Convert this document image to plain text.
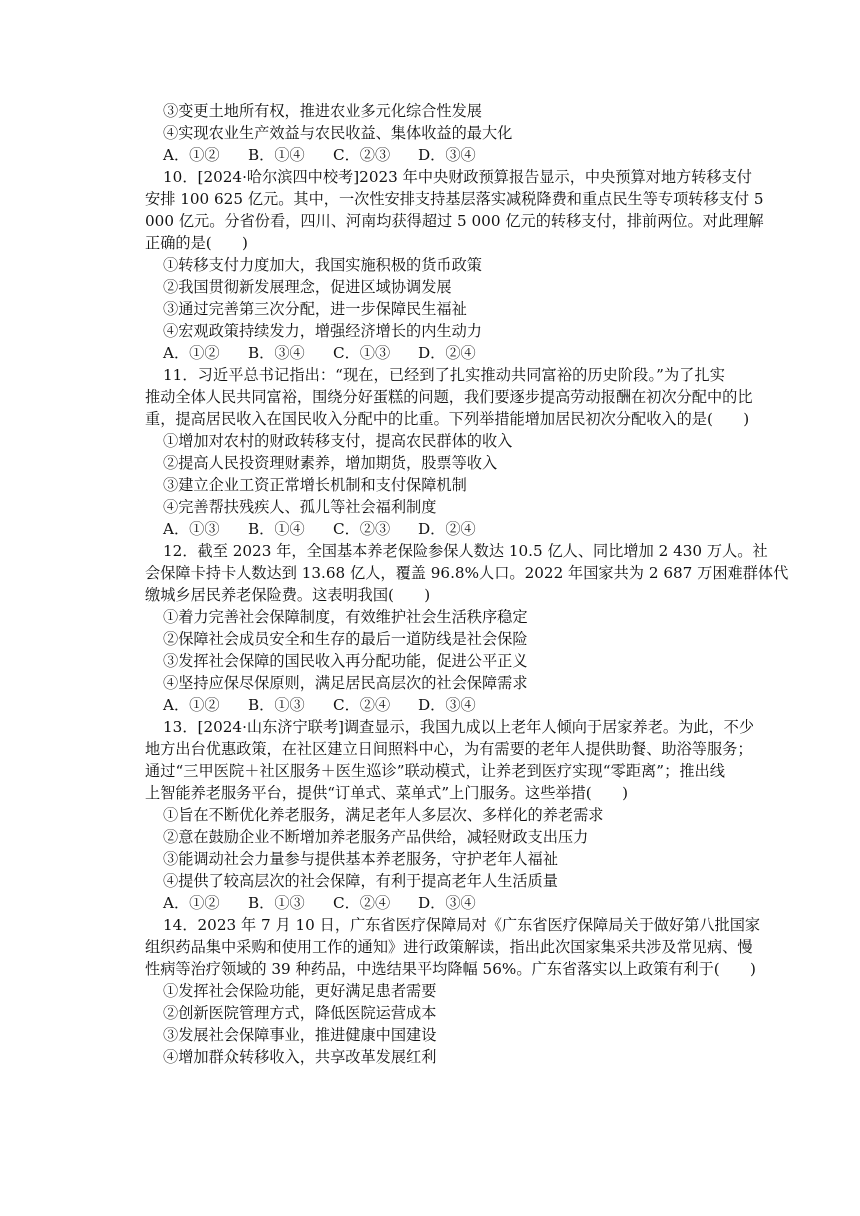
③变更土地所有权，推进农业多元化综合性发展
④实现农业生产效益与农民收益、集体收益的最大化
A．①② B．①④ C．②③ D．③④
10．[2024·哈尔滨四中校考]2023 年中央财政预算报告显示，中央预算对地方转移支付
安排 100 625 亿元。其中，一次性安排支持基层落实减税降费和重点民生等专项转移支付 5
000 亿元。分省份看，四川、河南均获得超过 5 000 亿元的转移支付，排前两位。对此理解
正确的是(　　)
①转移支付力度加大，我国实施积极的货币政策
②我国贯彻新发展理念，促进区域协调发展
③通过完善第三次分配，进一步保障民生福祉
④宏观政策持续发力，增强经济增长的内生动力
A．①② B．③④ C．①③ D．②④
11．习近平总书记指出：“现在，已经到了扎实推动共同富裕的历史阶段。”为了扎实
推动全体人民共同富裕，围绕分好蛋糕的问题，我们要逐步提高劳动报酬在初次分配中的比
重，提高居民收入在国民收入分配中的比重。下列举措能增加居民初次分配收入的是(　　)
①增加对农村的财政转移支付，提高农民群体的收入
②提高人民投资理财素养，增加期货，股票等收入
③建立企业工资正常增长机制和支付保障机制
④完善帮扶残疾人、孤儿等社会福利制度
A．①③ B．①④ C．②③ D．②④
12．截至 2023 年，全国基本养老保险参保人数达 10.5 亿人、同比增加 2 430 万人。社
会保障卡持卡人数达到 13.68 亿人，覆盖 96.8%人口。2022 年国家共为 2 687 万困难群体代
缴城乡居民养老保险费。这表明我国(　　)
①着力完善社会保障制度，有效维护社会生活秩序稳定
②保障社会成员安全和生存的最后一道防线是社会保险
③发挥社会保障的国民收入再分配功能，促进公平正义
④坚持应保尽保原则，满足居民高层次的社会保障需求
A．①② B．①③ C．②④ D．③④
13．[2024·山东济宁联考]调查显示，我国九成以上老年人倾向于居家养老。为此，不少
地方出台优惠政策，在社区建立日间照料中心，为有需要的老年人提供助餐、助浴等服务；
通过“三甲医院＋社区服务＋医生巡诊”联动模式，让养老到医疗实现“零距离”；推出线
上智能养老服务平台，提供“订单式、菜单式”上门服务。这些举措(　　)
①旨在不断优化养老服务，满足老年人多层次、多样化的养老需求
②意在鼓励企业不断增加养老服务产品供给，减轻财政支出压力
③能调动社会力量参与提供基本养老服务，守护老年人福祉
④提供了较高层次的社会保障，有利于提高老年人生活质量
A．①② B．①③ C．②④ D．③④
14．2023 年 7 月 10 日，广东省医疗保障局对《广东省医疗保障局关于做好第八批国家
组织药品集中采购和使用工作的通知》进行政策解读，指出此次国家集采共涉及常见病、慢
性病等治疗领域的 39 种药品，中选结果平均降幅 56%。广东省落实以上政策有利于(　　)
①发挥社会保险功能，更好满足患者需要
②创新医院管理方式，降低医院运营成本
③发展社会保障事业，推进健康中国建设
④增加群众转移收入，共享改革发展红利
